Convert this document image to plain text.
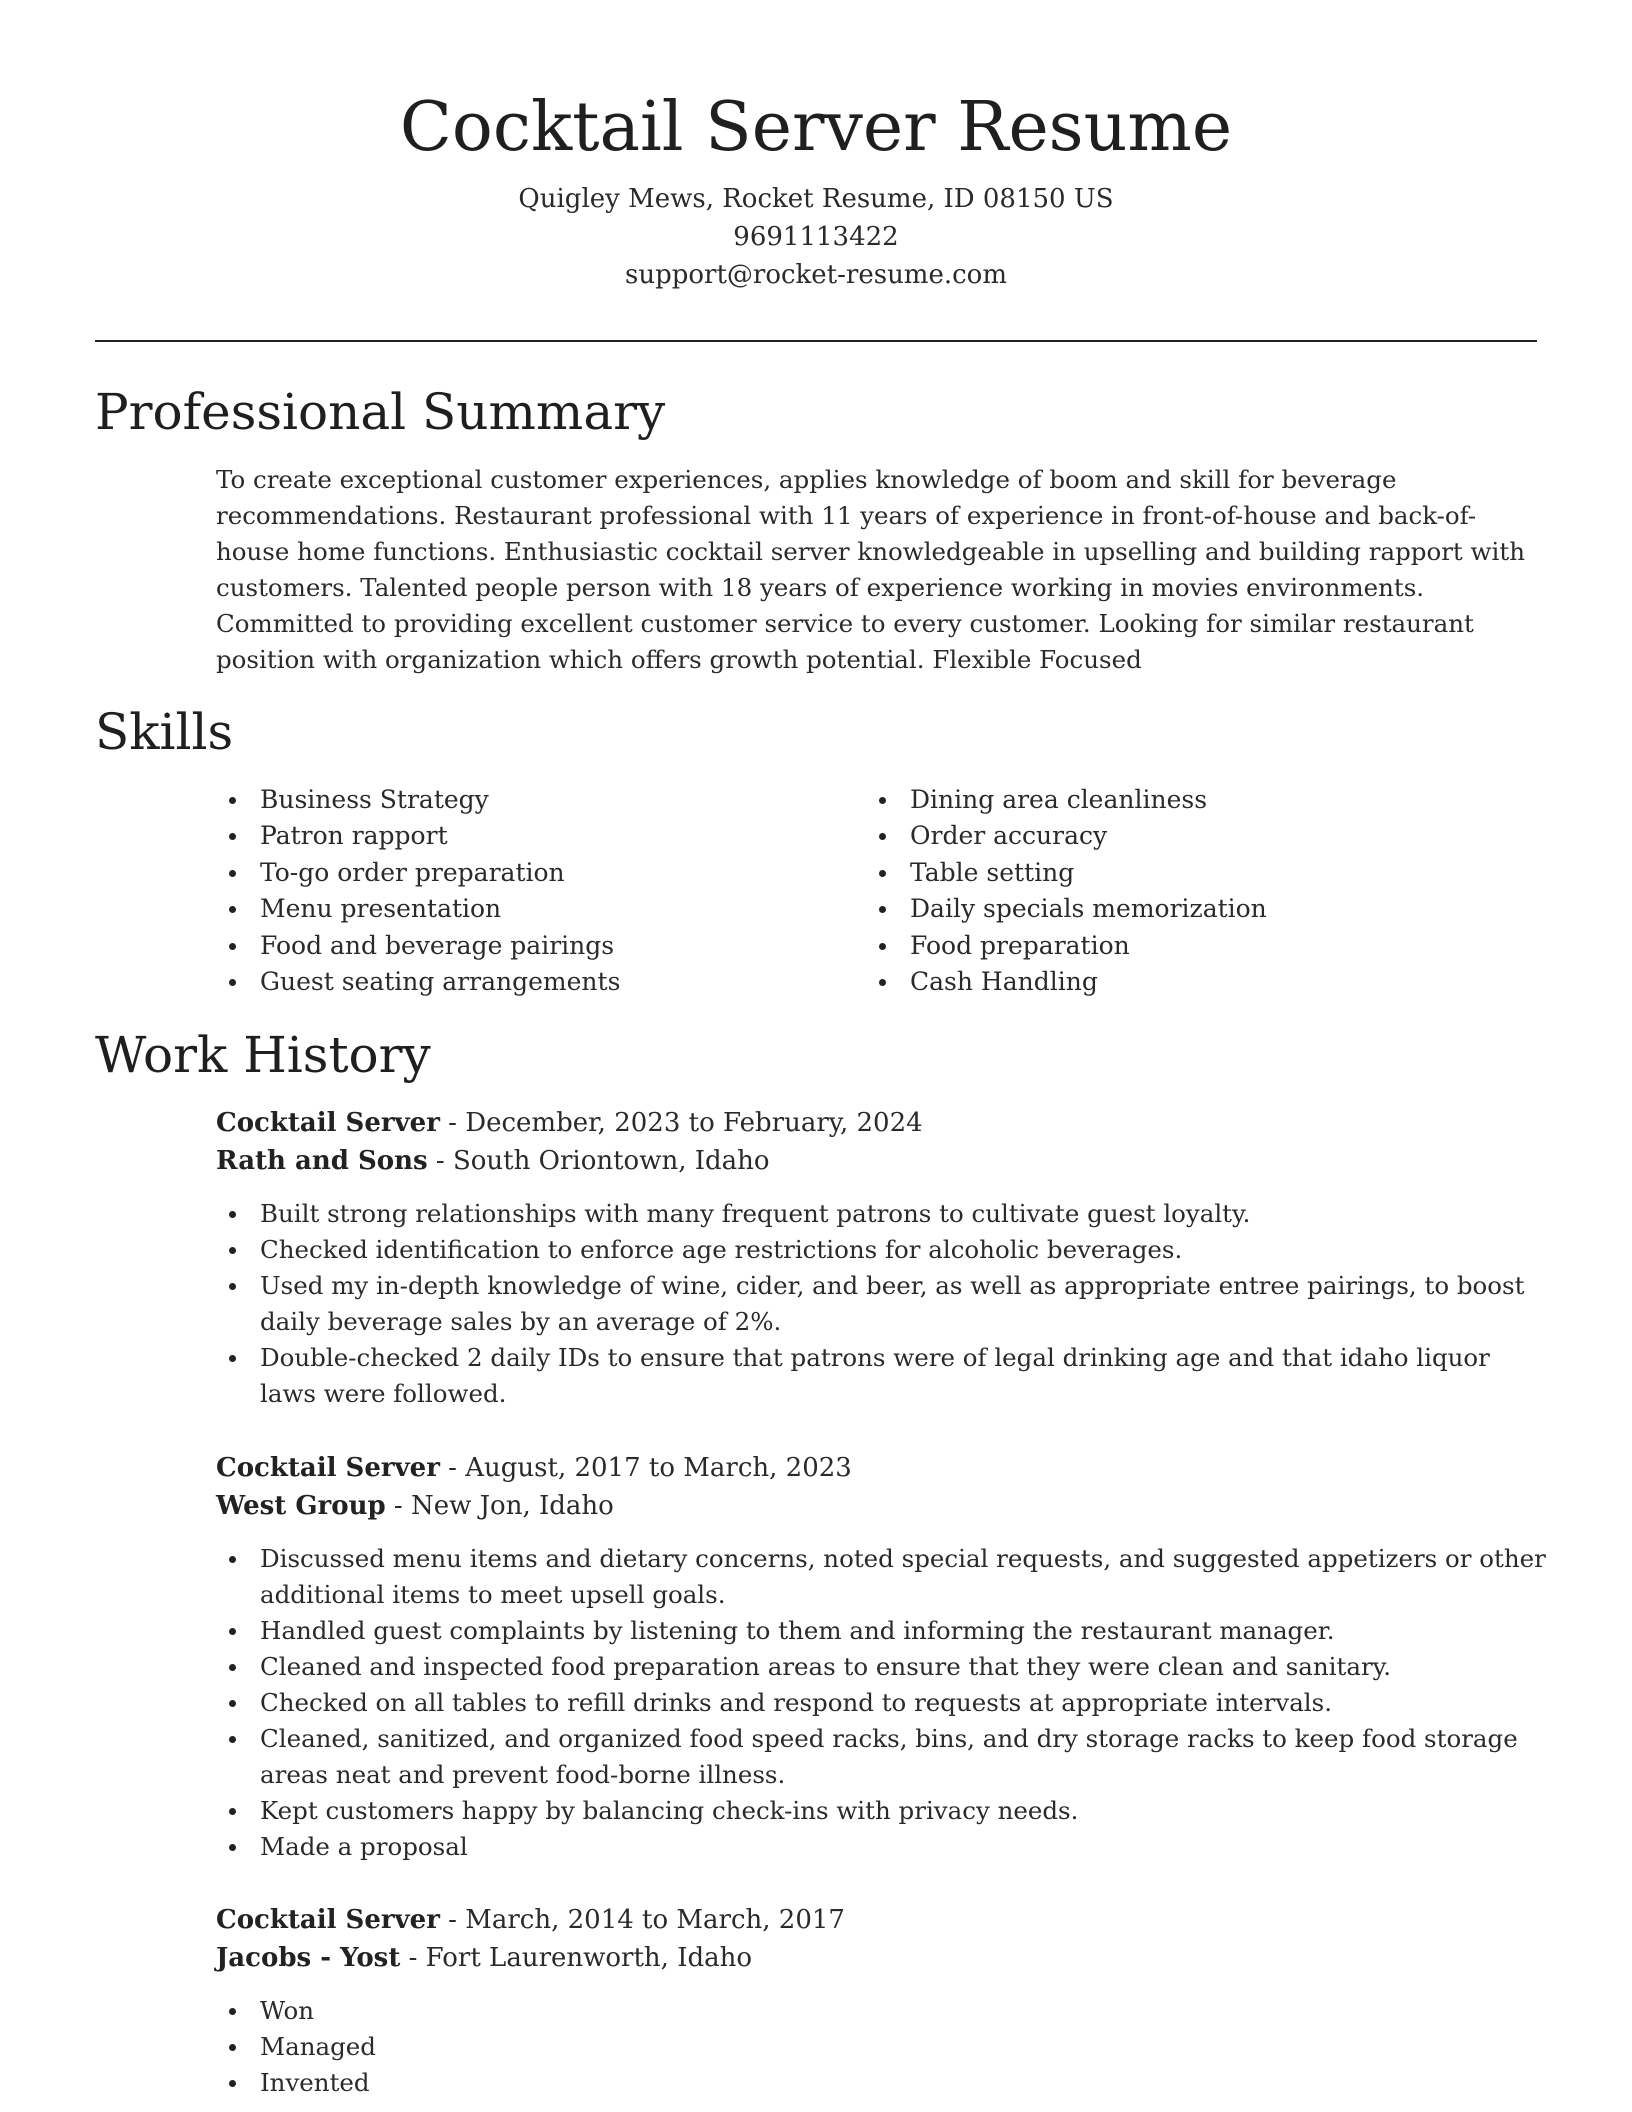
Cocktail Server Resume
Quigley Mews, Rocket Resume, ID 08150 US
9691113422
support@rocket-resume.com
Professional Summary

To create exceptional customer experiences, applies knowledge of boom and skill for beverage recommendations. Restaurant professional with 11 years of experience in front-of-house and back-of-house home functions. Enthusiastic cocktail server knowledgeable in upselling and building rapport with customers. Talented people person with 18 years of experience working in movies environments. Committed to providing excellent customer service to every customer. Looking for similar restaurant position with organization which offers growth potential. Flexible Focused

Skills
Business Strategy
Patron rapport
To-go order preparation
Menu presentation
Food and beverage pairings
Guest seating arrangements
Dining area cleanliness
Order accuracy
Table setting
Daily specials memorization
Food preparation
Cash Handling
Work History
Cocktail Server - December, 2023 to February, 2024
Rath and Sons - South Oriontown, Idaho
Built strong relationships with many frequent patrons to cultivate guest loyalty.
Checked identification to enforce age restrictions for alcoholic beverages.
Used my in-depth knowledge of wine, cider, and beer, as well as appropriate entree pairings, to boost daily beverage sales by an average of 2%.
Double-checked 2 daily IDs to ensure that patrons were of legal drinking age and that idaho liquor laws were followed.
Cocktail Server - August, 2017 to March, 2023
West Group - New Jon, Idaho
Discussed menu items and dietary concerns, noted special requests, and suggested appetizers or other additional items to meet upsell goals.
Handled guest complaints by listening to them and informing the restaurant manager.
Cleaned and inspected food preparation areas to ensure that they were clean and sanitary.
Checked on all tables to refill drinks and respond to requests at appropriate intervals.
Cleaned, sanitized, and organized food speed racks, bins, and dry storage racks to keep food storage areas neat and prevent food-borne illness.
Kept customers happy by balancing check-ins with privacy needs.
Made a proposal
Cocktail Server - March, 2014 to March, 2017
Jacobs - Yost - Fort Laurenworth, Idaho
Won
Managed
Invented
